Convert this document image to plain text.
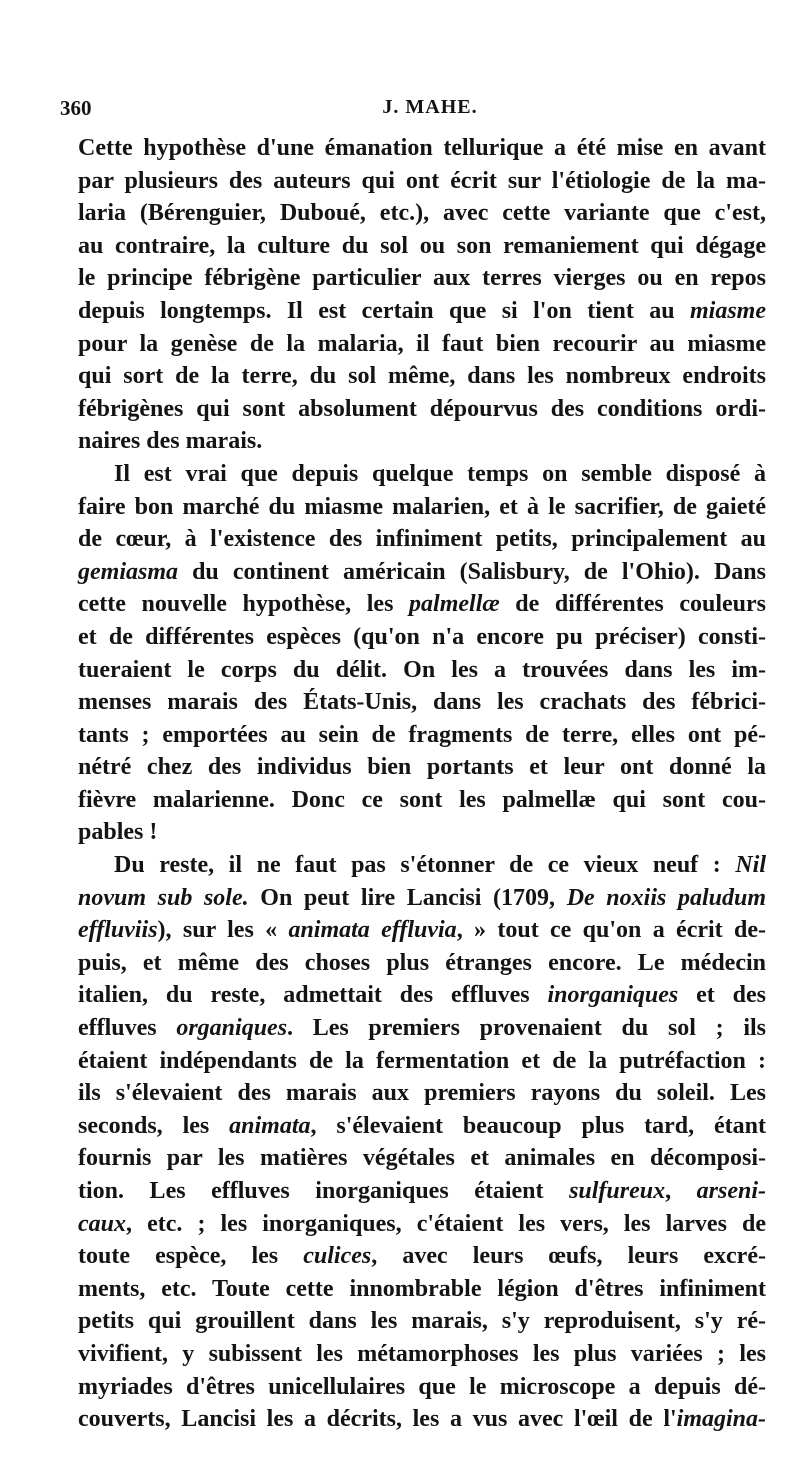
360	J. MAHE.
Cette hypothèse d'une émanation tellurique a été mise en avant
par plusieurs des auteurs qui ont écrit sur l'étiologie de la ma-
laria (Bérenguier, Duboué, etc.), avec cette variante que c'est,
au contraire, la culture du sol ou son remaniement qui dégage
le principe fébrigène particulier aux terres vierges ou en repos
depuis longtemps. Il est certain que si l'on tient au miasme
pour la genèse de la malaria, il faut bien recourir au miasme
qui sort de la terre, du sol même, dans les nombreux endroits
fébrigènes qui sont absolument dépourvus des conditions ordi-
naires des marais.
Il est vrai que depuis quelque temps on semble disposé à
faire bon marché du miasme malarien, et à le sacrifier, de gaieté
de cœur, à l'existence des infiniment petits, principalement au
gemiasma du continent américain (Salisbury, de l'Ohio). Dans
cette nouvelle hypothèse, les palmellæ de différentes couleurs
et de différentes espèces (qu'on n'a encore pu préciser) consti-
tueraient le corps du délit. On les a trouvées dans les im-
menses marais des États-Unis, dans les crachats des fébrici-
tants ; emportées au sein de fragments de terre, elles ont pé-
nétré chez des individus bien portants et leur ont donné la
fièvre malarienne. Donc ce sont les palmellæ qui sont cou-
pables !
Du reste, il ne faut pas s'étonner de ce vieux neuf : Nil
novum sub sole. On peut lire Lancisi (1709, De noxiis paludum
effluviis), sur les « animata effluvia, » tout ce qu'on a écrit de-
puis, et même des choses plus étranges encore. Le médecin
italien, du reste, admettait des effluves inorganiques et des
effluves organiques. Les premiers provenaient du sol ; ils
étaient indépendants de la fermentation et de la putréfaction :
ils s'élevaient des marais aux premiers rayons du soleil. Les
seconds, les animata, s'élevaient beaucoup plus tard, étant
fournis par les matières végétales et animales en décomposi-
tion. Les effluves inorganiques étaient sulfureux, arseni-
caux, etc. ; les inorganiques, c'étaient les vers, les larves de
toute espèce, les culices, avec leurs œufs, leurs excré-
ments, etc. Toute cette innombrable légion d'êtres infiniment
petits qui grouillent dans les marais, s'y reproduisent, s'y ré-
vivifient, y subissent les métamorphoses les plus variées ; les
myriades d'êtres unicellulaires que le microscope a depuis dé-
couverts, Lancisi les a décrits, les a vus avec l'œil de l'imagina-
